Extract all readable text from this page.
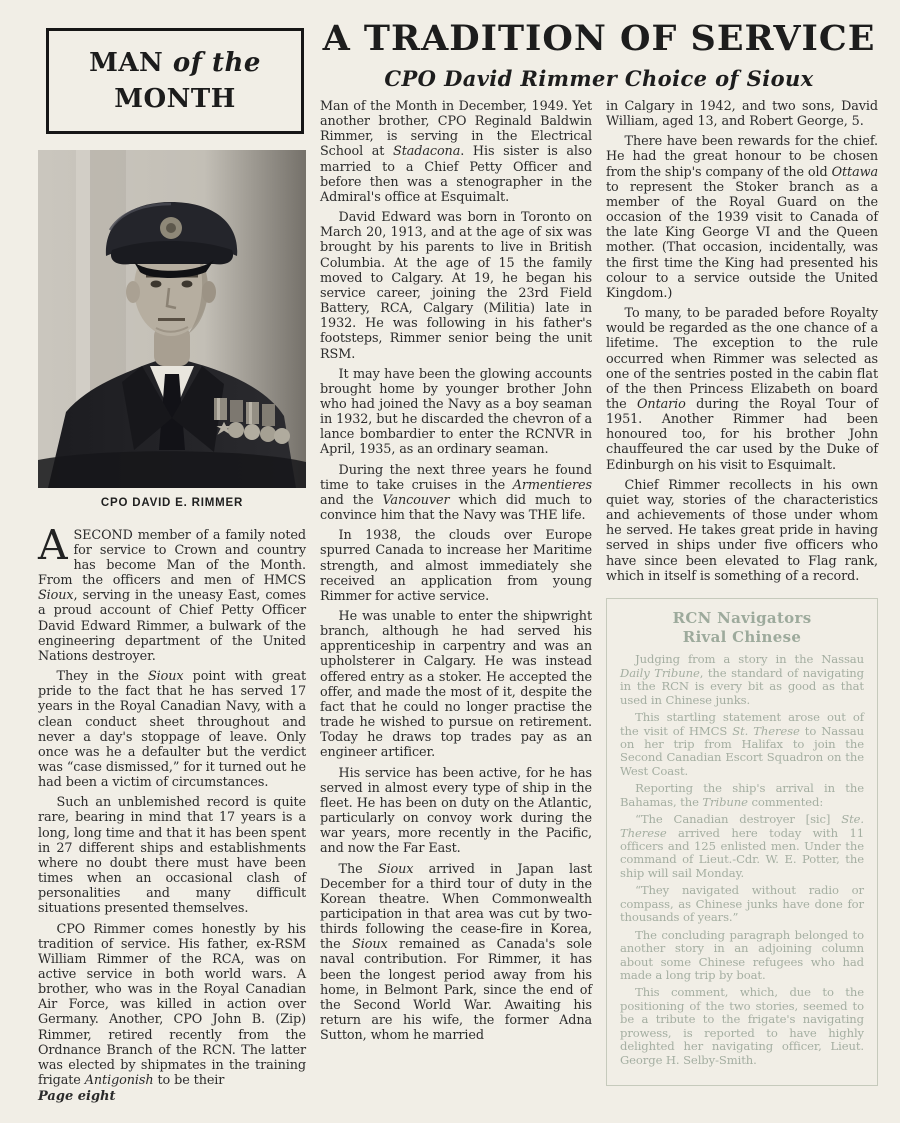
MAN of the
MONTH
A TRADITION OF SERVICE
CPO David Rimmer Choice of Sioux
CPO DAVID E. RIMMER

ASECOND member of a family noted for service to Crown and country has become Man of the Month. From the officers and men of HMCS Sioux, serving in the uneasy East, comes a proud account of Chief Petty Officer David Edward Rimmer, a bulwark of the engineering department of the United Nations destroyer.

They in the Sioux point with great pride to the fact that he has served 17 years in the Royal Canadian Navy, with a clean conduct sheet throughout and never a day's stoppage of leave. Only once was he a defaulter but the verdict was “case dismissed,” for it turned out he had been a victim of circumstances.

Such an unblemished record is quite rare, bearing in mind that 17 years is a long, long time and that it has been spent in 27 different ships and establishments where no doubt there must have been times when an occasional clash of personalities and many difficult situations presented themselves.

CPO Rimmer comes honestly by his tradition of service. His father, ex-RSM William Rimmer of the RCA, was on active service in both world wars. A brother, who was in the Royal Canadian Air Force, was killed in action over Germany. Another, CPO John B. (Zip) Rimmer, retired recently from the Ordnance Branch of the RCN. The latter was elected by shipmates in the training frigate Antigonish to be their

Man of the Month in December, 1949. Yet another brother, CPO Reginald Baldwin Rimmer, is serving in the Electrical School at Stadacona. His sister is also married to a Chief Petty Officer and before then was a stenographer in the Admiral's office at Esquimalt.

David Edward was born in Toronto on March 20, 1913, and at the age of six was brought by his parents to live in British Columbia. At the age of 15 the family moved to Calgary. At 19, he began his service career, joining the 23rd Field Battery, RCA, Calgary (Militia) late in 1932. He was following in his father's footsteps, Rimmer senior being the unit RSM.

It may have been the glowing accounts brought home by younger brother John who had joined the Navy as a boy seaman in 1932, but he discarded the chevron of a lance bombardier to enter the RCNVR in April, 1935, as an ordinary seaman.

During the next three years he found time to take cruises in the Armentieres and the Vancouver which did much to convince him that the Navy was THE life.

In 1938, the clouds over Europe spurred Canada to increase her Maritime strength, and almost immediately she received an application from young Rimmer for active service.

He was unable to enter the shipwright branch, although he had served his apprenticeship in carpentry and was an upholsterer in Calgary. He was instead offered entry as a stoker. He accepted the offer, and made the most of it, despite the fact that he could no longer practise the trade he wished to pursue on retirement. Today he draws top trades pay as an engineer artificer.

His service has been active, for he has served in almost every type of ship in the fleet. He has been on duty on the Atlantic, particularly on convoy work during the war years, more recently in the Pacific, and now the Far East.

The Sioux arrived in Japan last December for a third tour of duty in the Korean theatre. When Commonwealth participation in that area was cut by two-thirds following the cease-fire in Korea, the Sioux remained as Canada's sole naval contribution. For Rimmer, it has been the longest period away from his home, in Belmont Park, since the end of the Second World War. Awaiting his return are his wife, the former Adna Sutton, whom he married

in Calgary in 1942, and two sons, David William, aged 13, and Robert George, 5.

There have been rewards for the chief. He had the great honour to be chosen from the ship's company of the old Ottawa to represent the Stoker branch as a member of the Royal Guard on the occasion of the 1939 visit to Canada of the late King George VI and the Queen mother. (That occasion, incidentally, was the first time the King had presented his colour to a service outside the United Kingdom.)

To many, to be paraded before Royalty would be regarded as the one chance of a lifetime. The exception to the rule occurred when Rimmer was selected as one of the sentries posted in the cabin flat of the then Princess Elizabeth on board the Ontario during the Royal Tour of 1951. Another Rimmer had been honoured too, for his brother John chauffeured the car used by the Duke of Edinburgh on his visit to Esquimalt.

Chief Rimmer recollects in his own quiet way, stories of the characteristics and achievements of those under whom he served. He takes great pride in having served in ships under five officers who have since been elevated to Flag rank, which in itself is something of a record.

RCN Navigators
Rival Chinese

Judging from a story in the Nassau Daily Tribune, the standard of navigating in the RCN is every bit as good as that used in Chinese junks.

This startling statement arose out of the visit of HMCS St. Therese to Nassau on her trip from Halifax to join the Second Canadian Escort Squadron on the West Coast.

Reporting the ship's arrival in the Bahamas, the Tribune commented:

“The Canadian destroyer [sic] Ste. Therese arrived here today with 11 officers and 125 enlisted men. Under the command of Lieut.-Cdr. W. E. Potter, the ship will sail Monday.

“They navigated without radio or compass, as Chinese junks have done for thousands of years.”

The concluding paragraph belonged to another story in an adjoining column about some Chinese refugees who had made a long trip by boat.

This comment, which, due to the positioning of the two stories, seemed to be a tribute to the frigate's navigating prowess, is reported to have highly delighted her navigating officer, Lieut. George H. Selby-Smith.

Page eight
